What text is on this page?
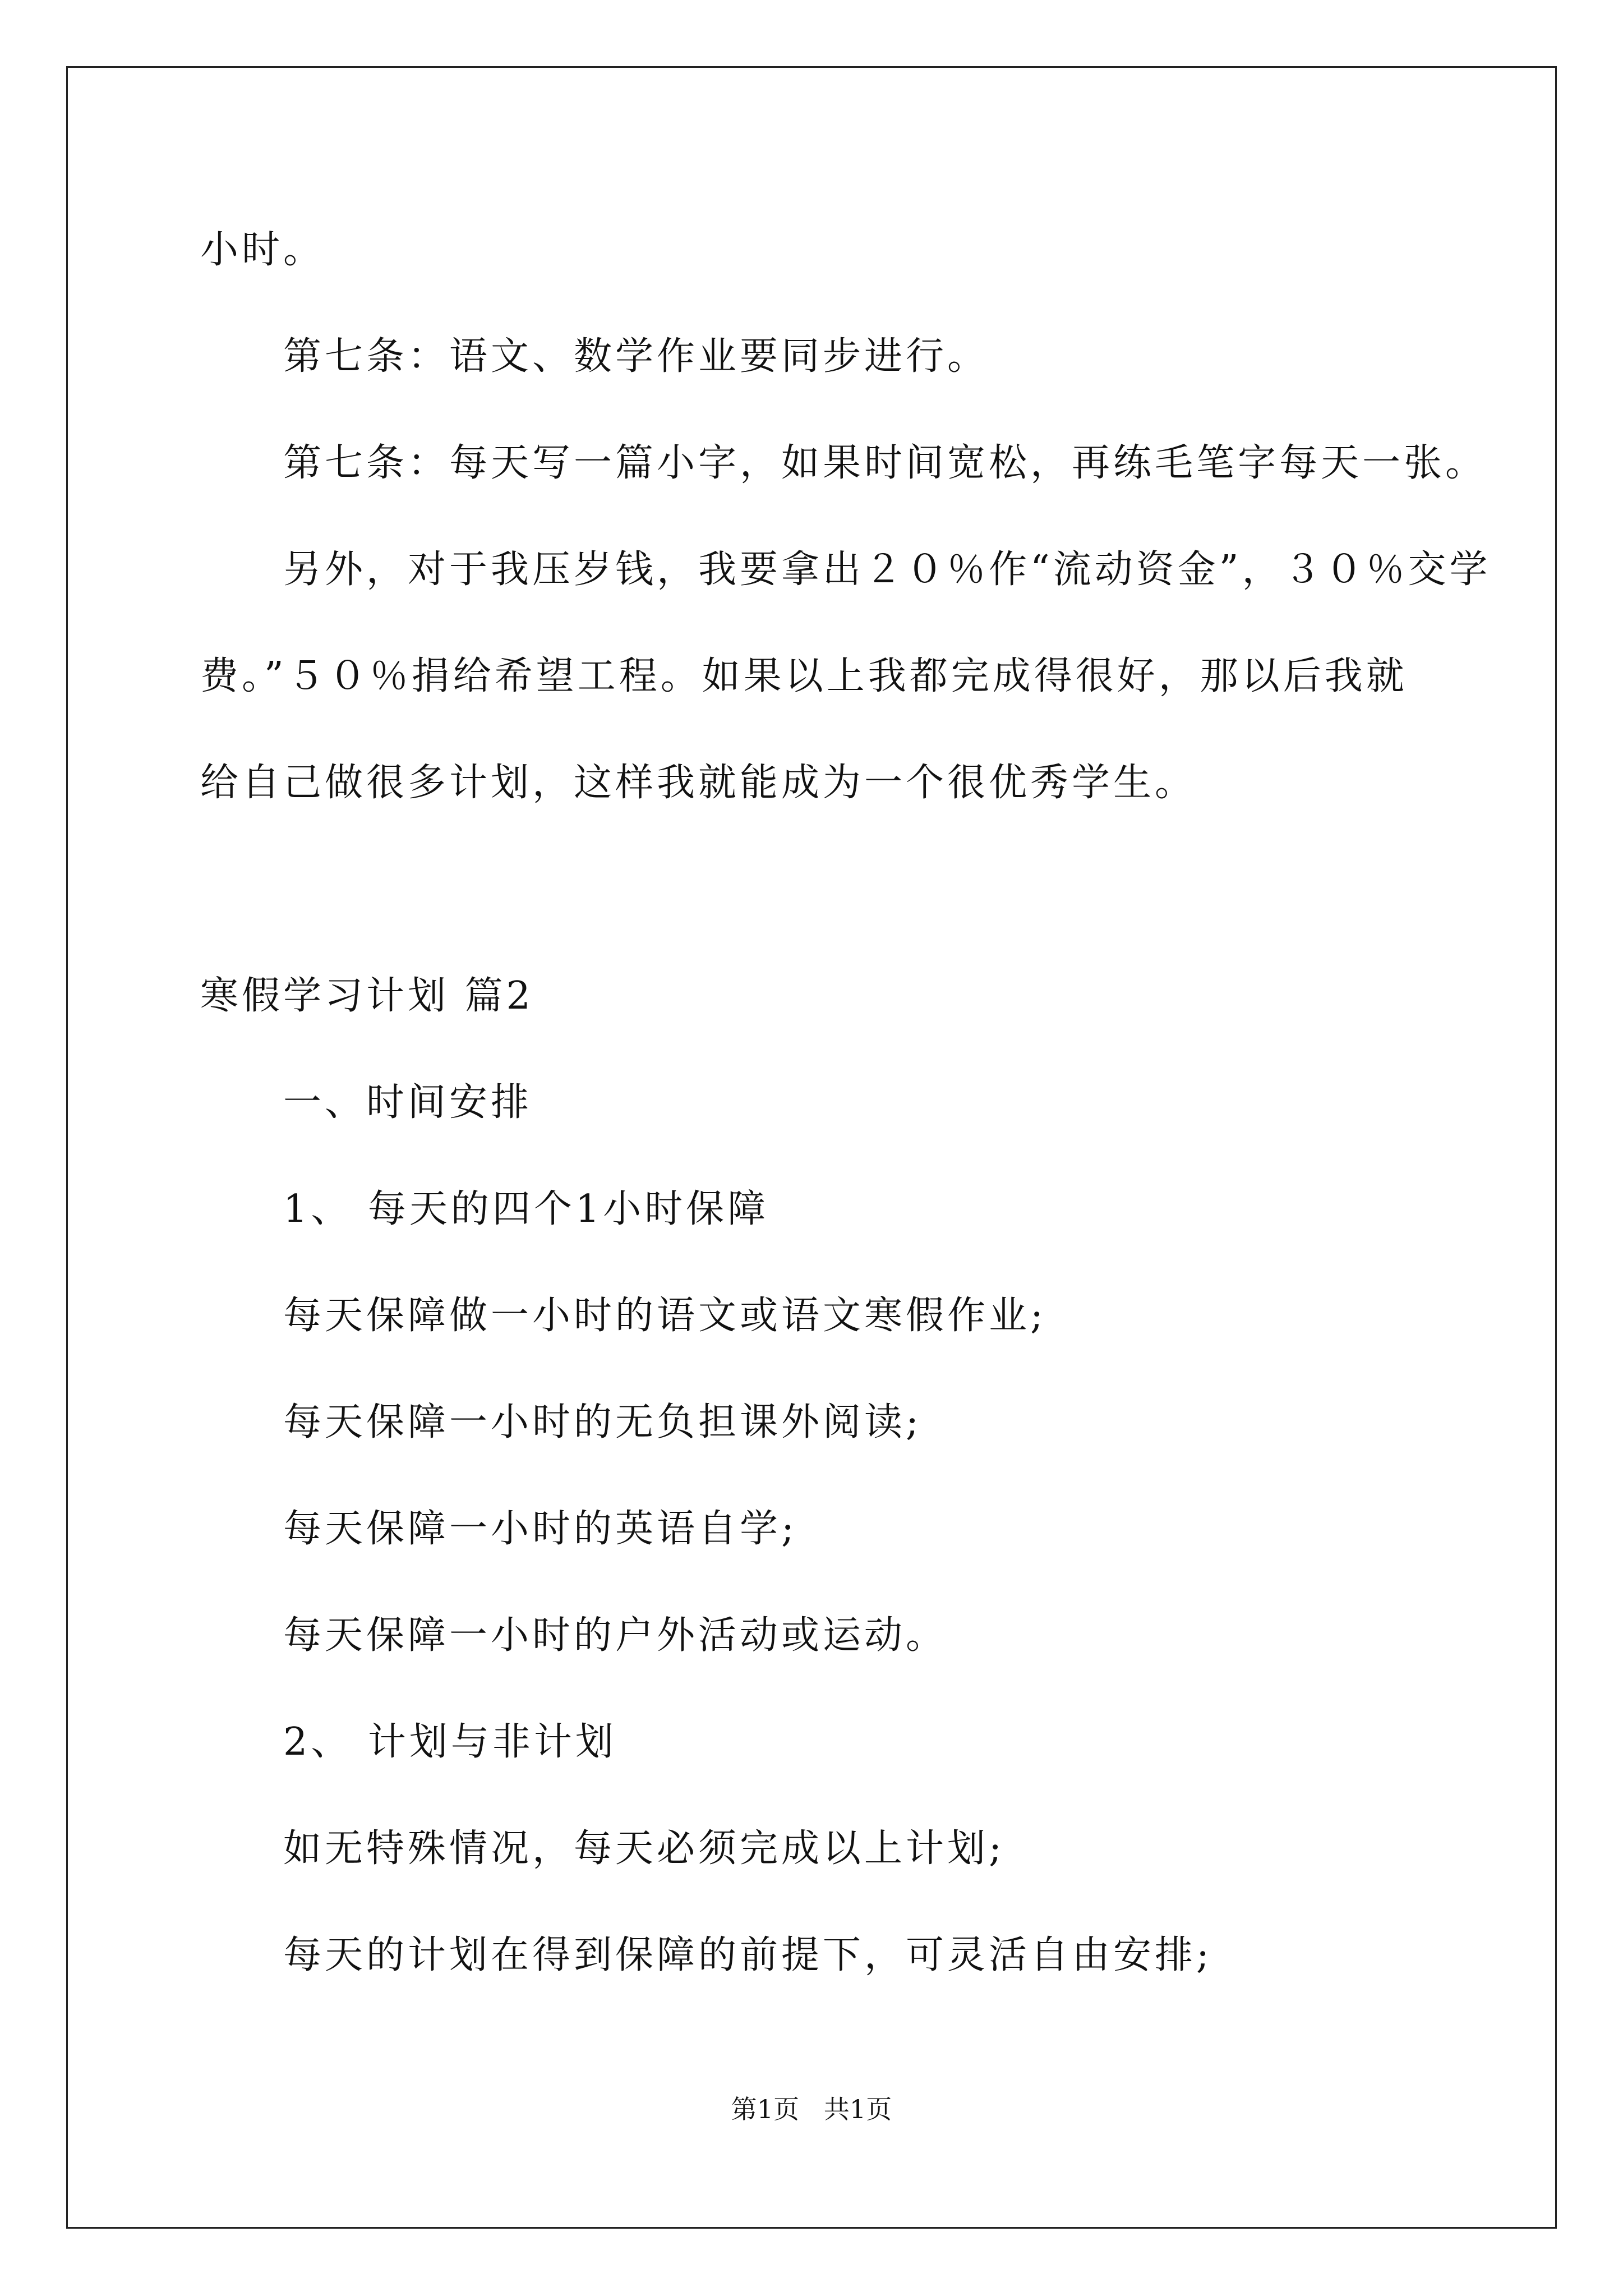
小时。
第七条：语文、数学作业要同步进行。
第七条：每天写一篇小字，如果时间宽松，再练毛笔字每天一张。
另外，对于我压岁钱，我要拿出２０％作“流动资金”，３０％交学
费。”５０％捐给希望工程。如果以上我都完成得很好，那以后我就
给自己做很多计划，这样我就能成为一个很优秀学生。
寒假学习计划 篇2
一、时间安排
1、 每天的四个1小时保障
每天保障做一小时的语文或语文寒假作业;
每天保障一小时的无负担课外阅读;
每天保障一小时的英语自学;
每天保障一小时的户外活动或运动。
2、 计划与非计划
如无特殊情况，每天必须完成以上计划;
每天的计划在得到保障的前提下，可灵活自由安排;
第1页   共1页
